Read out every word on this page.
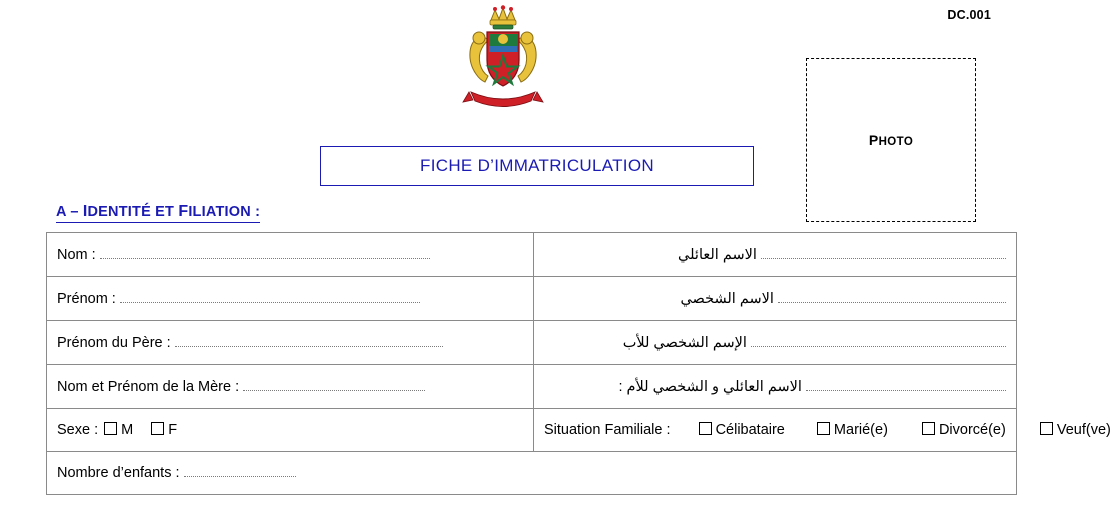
DC.001
PHOTO
FICHE D’IMMATRICULATION
A – IDENTITÉ ET FILIATION :
Nom :	الاسم العائلي
Prénom :	الاسم الشخصي
Prénom du Père :	الإسم الشخصي للأب
Nom et Prénom de la Mère :	الاسم العائلي و الشخصي للأم :
Sexe : M F	Situation Familiale : Célibataire Marié(e) Divorcé(e) Veuf(ve)
Nombre d’enfants :	
